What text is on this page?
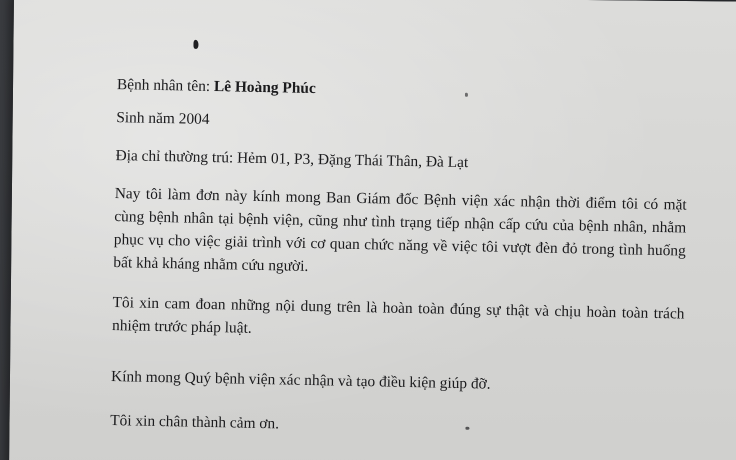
Bệnh nhân tên: Lê Hoàng Phúc
Sinh năm 2004
Địa chỉ thường trú: Hẻm 01, P3, Đặng Thái Thân, Đà Lạt
Nay tôi làm đơn này kính mong Ban Giám đốc Bệnh viện xác nhận thời điểm tôi có mặt cùng bệnh nhân tại bệnh viện, cũng như tình trạng tiếp nhận cấp cứu của bệnh nhân, nhằm phục vụ cho việc giải trình với cơ quan chức năng về việc tôi vượt đèn đỏ trong tình huống bất khả kháng nhằm cứu người.
Tôi xin cam đoan những nội dung trên là hoàn toàn đúng sự thật và chịu hoàn toàn trách nhiệm trước pháp luật.
Kính mong Quý bệnh viện xác nhận và tạo điều kiện giúp đỡ.
Tôi xin chân thành cảm ơn.
